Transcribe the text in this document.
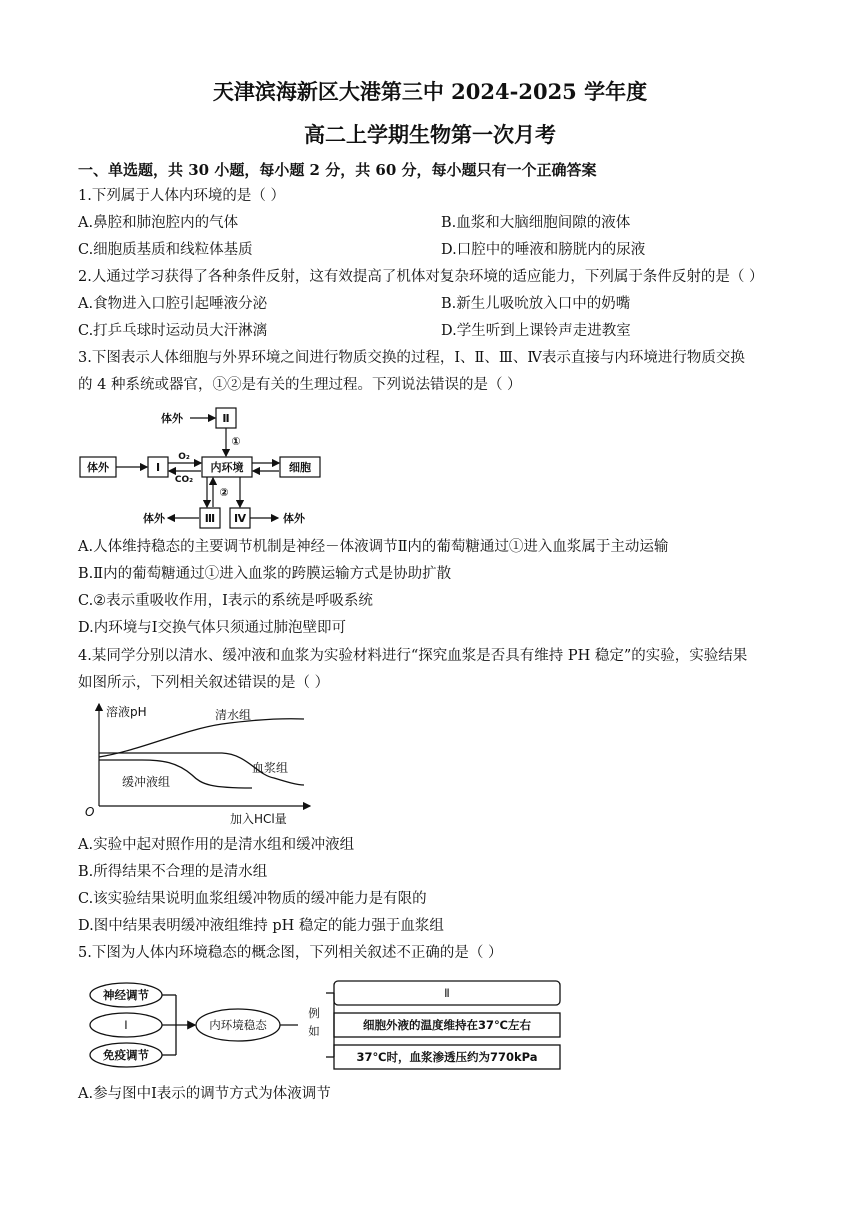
天津滨海新区大港第三中 2024-2025 学年度
高二上学期生物第一次月考
一、单选题，共 30 小题，每小题 2 分，共 60 分，每小题只有一个正确答案
1.下列属于人体内环境的是（ ）
A.鼻腔和肺泡腔内的气体	B.血浆和大脑细胞间隙的液体
C.细胞质基质和线粒体基质	D.口腔中的唾液和膀胱内的尿液
2.人通过学习获得了各种条件反射，这有效提高了机体对复杂环境的适应能力，下列属于条件反射的是（ ）
A.食物进入口腔引起唾液分泌	B.新生儿吸吮放入口中的奶嘴
C.打乒乓球时运动员大汗淋漓	D.学生听到上课铃声走进教室
3.下图表示人体细胞与外界环境之间进行物质交换的过程，Ⅰ、Ⅱ、Ⅲ、Ⅳ表示直接与内环境进行物质交换
的 4 种系统或器官，①②是有关的生理过程。下列说法错误的是（ ）
体外	Ⅰ	内环境	细胞
Ⅱ
Ⅲ Ⅳ
体外
体外	体外
O₂
CO₂
①
②
A.人体维持稳态的主要调节机制是神经－体液调节Ⅱ内的葡萄糖通过①进入血浆属于主动运输
B.Ⅱ内的葡萄糖通过①进入血浆的跨膜运输方式是协助扩散
C.②表示重吸收作用，Ⅰ表示的系统是呼吸系统
D.内环境与Ⅰ交换气体只须通过肺泡壁即可
4.某同学分别以清水、缓冲液和血浆为实验材料进行“探究血浆是否具有维持 PH 稳定”的实验，实验结果
如图所示，下列相关叙述错误的是（ ）
溶液pH	清水组
血浆组
缓冲液组
O	加入HCl量
A.实验中起对照作用的是清水组和缓冲液组
B.所得结果不合理的是清水组
C.该实验结果说明血浆组缓冲物质的缓冲能力是有限的
D.图中结果表明缓冲液组维持 pH 稳定的能力强于血浆组
5.下图为人体内环境稳态的概念图，下列相关叙述不正确的是（ ）
神经调节
Ⅰ
免疫调节
内环境稳态
例
如
Ⅱ
细胞外液的温度维持在37℃左右
37℃时，血浆渗透压约为770kPa
A.参与图中Ⅰ表示的调节方式为体液调节
